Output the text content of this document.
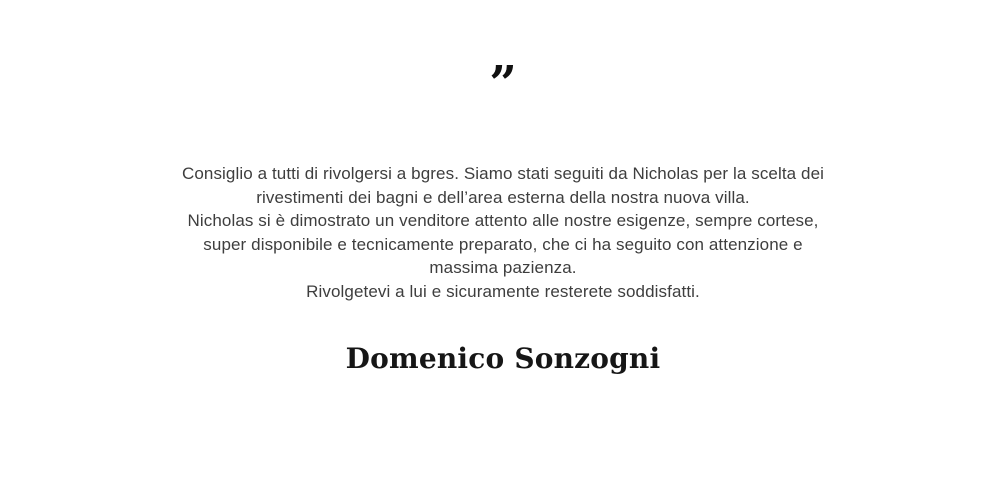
”
Consiglio a tutti di rivolgersi a bgres. Siamo stati seguiti da Nicholas per la scelta dei
rivestimenti dei bagni e dell’area esterna della nostra nuova villa.
Nicholas si è dimostrato un venditore attento alle nostre esigenze, sempre cortese,
super disponibile e tecnicamente preparato, che ci ha seguito con attenzione e
massima pazienza.
Rivolgetevi a lui e sicuramente resterete soddisfatti.
Domenico Sonzogni
